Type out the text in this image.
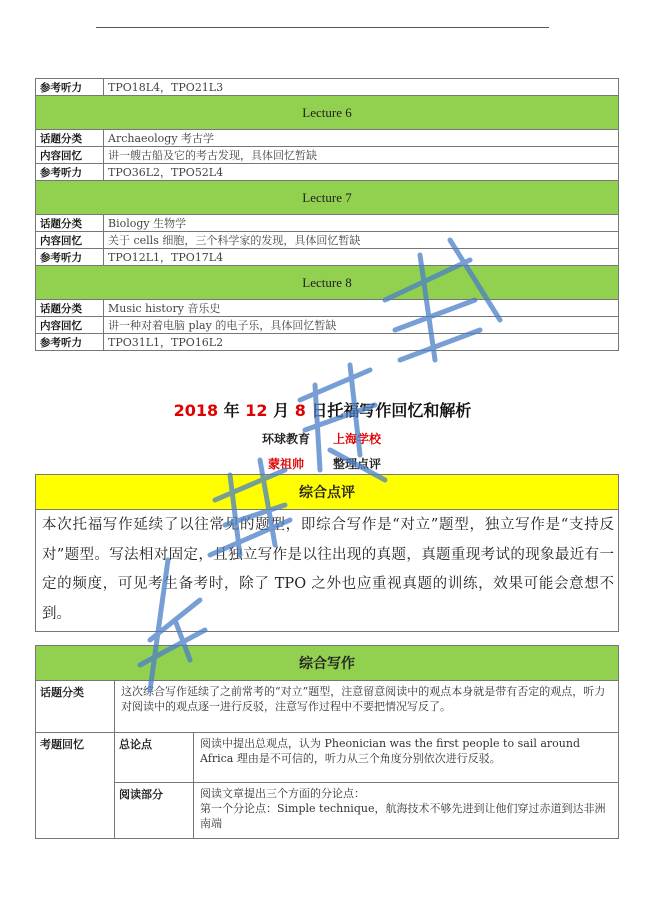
参考听力	TPO18L4，TPO21L3
Lecture 6	
话题分类	Archaeology 考古学
内容回忆	讲一艘古船及它的考古发现，具体回忆暂缺
参考听力	TPO36L2，TPO52L4
Lecture 7	
话题分类	Biology 生物学
内容回忆	关于 cells 细胞，三个科学家的发现，具体回忆暂缺
参考听力	TPO12L1，TPO17L4
Lecture 8	
话题分类	Music history 音乐史
内容回忆	讲一种对着电脑 play 的电子乐，具体回忆暂缺
参考听力	TPO31L1，TPO16L2
2018 年 12 月 8 日托福写作回忆和解析
环球教育 上海学校
蒙祖帅 整理点评
综合点评
本次托福写作延续了以往常见的题型，即综合写作是“对立”题型，独立写作是“支持反对”题型。写法相对固定，且独立写作是以往出现的真题，真题重现考试的现象最近有一定的频度，可见考生备考时，除了 TPO 之外也应重视真题的训练，效果可能会意想不到。
综合写作		
话题分类	这次综合写作延续了之前常考的“对立”题型，注意留意阅读中的观点本身就是带有否定的观点，听力对阅读中的观点逐一进行反驳，注意写作过程中不要把情况写反了。	
考题回忆	总论点	阅读中提出总观点，认为 Pheonician was the first people to sail around Africa 理由是不可信的，听力从三个角度分别依次进行反驳。
	阅读部分	阅读文章提出三个方面的分论点：
第一个分论点：Simple technique，航海技术不够先进到让他们穿过赤道到达非洲南端
